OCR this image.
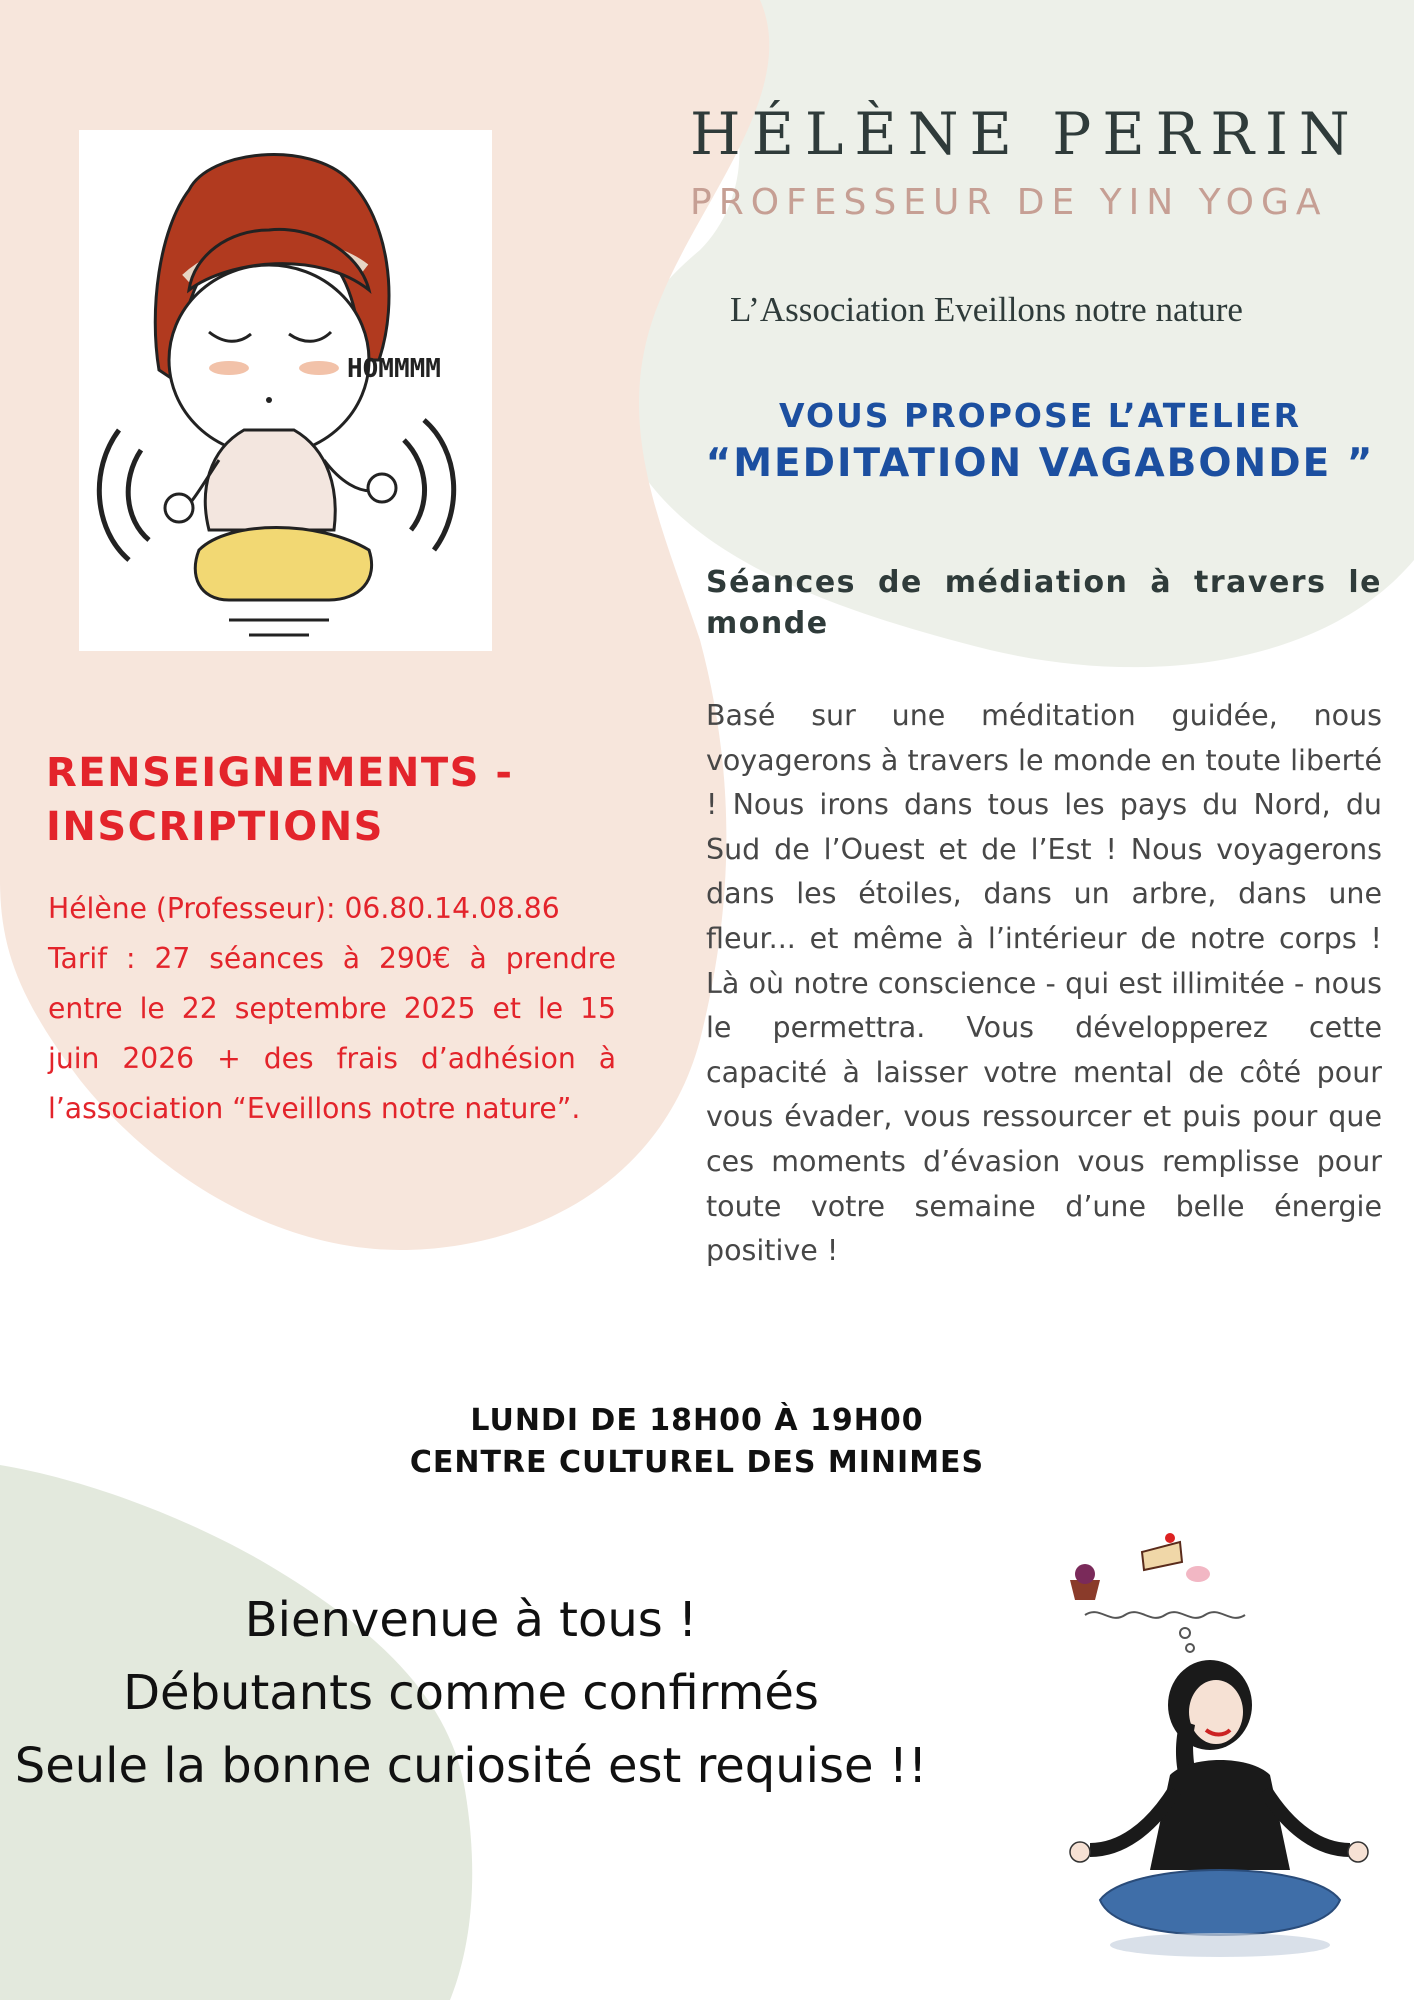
HOMMMM
HÉLÈNE PERRIN
PROFESSEUR DE YIN YOGA
L’Association Eveillons notre nature
VOUS PROPOSE L’ATELIER
“MEDITATION VAGABONDE ”
Séances de médiation à travers le
monde

Basé sur une méditation guidée, nous voyagerons à travers le monde en toute liberté ! Nous irons dans tous les pays du Nord, du Sud de l’Ouest et de l’Est ! Nous voyagerons dans les étoiles, dans un arbre, dans une fleur... et même à l’intérieur de notre corps ! Là où notre conscience - qui est illimitée - nous le permettra. Vous développerez cette capacité à laisser votre mental de côté pour vous évader, vous ressourcer et puis pour que ces moments d’évasion vous remplisse pour toute votre semaine d’une belle énergie positive !

RENSEIGNEMENTS -
INSCRIPTIONS
Hélène (Professeur): 06.80.14.08.86
Tarif : 27 séances à 290€ à prendre entre le 22 septembre 2025 et le 15 juin 2026 + des frais d’adhésion à l’association “Eveillons notre nature”.
LUNDI DE 18H00 À 19H00
CENTRE CULTUREL DES MINIMES
Bienvenue à tous !
Débutants comme confirmés
Seule la bonne curiosité est requise !!
